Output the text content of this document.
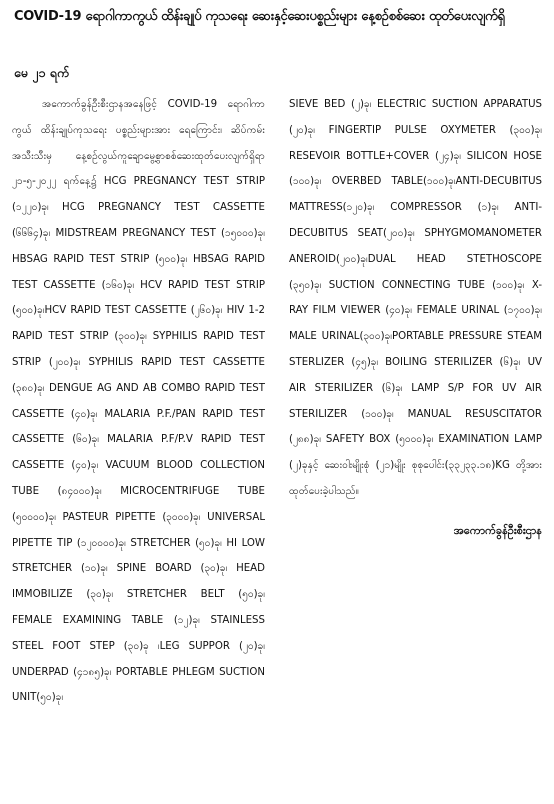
COVID-19 ရောဂါကာကွယ် ထိန်းချုပ် ကုသရေး ဆေးနှင့်ဆေးပစ္စည်းများ နေ့စဉ်စစ်ဆေး ထုတ်ပေးလျက်ရှိ
မေ ၂၁ ရက်

အကောက်ခွန်ဦးစီးဌာနအနေဖြင့် COVID-19 ရောဂါကာကွယ် ထိန်းချုပ်ကုသရေး ပစ္စည်းများအား ရေကြောင်း၊ ဆိပ်ကမ်းအသီးသီးမှ နေ့စဉ်လွယ်ကူချောမွေ့စွာစစ်ဆေးထုတ်ပေးလျက်ရှိရာ ၂၁-၅-၂၀၂၂ ရက်နေ့၌ HCG PREGNANCY TEST STRIP (၁၂၂၀)ခု၊ HCG PREGNANCY TEST CASSETTE (၆၆၆၄)ခု၊ MIDSTREAM PREGNANCY TEST (၁၅၀၀၀)ခု၊ HBSAG RAPID TEST STRIP (၅၀၀)ခု၊ HBSAG RAPID TEST CASSETTE (၁၆၀)ခု၊ HCV RAPID TEST STRIP (၅၀၀)ခု၊HCV RAPID TEST CASSETTE (၂၆၀)ခု၊ HIV 1-2 RAPID TEST STRIP (၃၀၀)ခု၊ SYPHILIS RAPID TEST STRIP (၂၀၀)ခု၊ SYPHILIS RAPID TEST CASSETTE (၃၈၀)ခု၊ DENGUE AG AND AB COMBO RAPID TEST CASSETTE (၄၀)ခု၊ MALARIA P.F./PAN RAPID TEST CASSETTE (၆၀)ခု၊ MALARIA P.F/P.V RAPID TEST CASSETTE (၄၀)ခု၊ VACUUM BLOOD COLLECTION TUBE (၈၄၀၀၀)ခု၊ MICROCENTRIFUGE TUBE (၅၀၀၀၀)ခု၊ PASTEUR PIPETTE (၃၀၀၀)ခု၊ UNIVERSAL PIPETTE TIP (၁၂၀၀၀၀)ခု၊ STRETCHER (၅၀)ခု၊ HI LOW STRETCHER (၁၀)ခု၊ SPINE BOARD (၃၀)ခု၊ HEAD IMMOBILIZE (၃၀)ခု၊ STRETCHER BELT (၅၀)ခု၊ FEMALE EXAMINING TABLE (၁၂)ခု၊ STAINLESS STEEL FOOT STEP (၃၀)ခု ၊LEG SUPPOR (၂၀)ခု၊ UNDERPAD (၄၁၈၅)ခု၊ PORTABLE PHLEGM SUCTION UNIT(၅၀)ခု၊

SIEVE BED (၂)ခု၊ ELECTRIC SUCTION APPARATUS (၂၀)ခု၊ FINGERTIP PULSE OXYMETER (၃၀၀)ခု၊ RESEVOIR BOTTLE+COVER (၂၄)ခု၊ SILICON HOSE (၁၀၀)ခု၊ OVERBED TABLE(၁၀၀)ခု၊ANTI-DECUBITUS MATTRESS(၁၂၀)ခု၊ COMPRESSOR (၁)ခု၊ ANTI-DECUBITUS SEAT(၂၀၀)ခု၊ SPHYGMOMANOMETER ANEROID(၂၀၀)ခု၊DUAL HEAD STETHOSCOPE (၃၅၀)ခု၊ SUCTION CONNECTING TUBE (၁၀၀)ခု၊ X-RAY FILM VIEWER (၄၀)ခု၊ FEMALE URINAL (၁၇၀၀)ခု၊ MALE URINAL(၃၀၀)ခု၊PORTABLE PRESSURE STEAM STERLIZER (၄၅)ခု၊ BOILING STERILIZER (၆)ခု၊ UV AIR STERILIZER (၆)ခု၊ LAMP S/P FOR UV AIR STERILIZER (၁၀၀)ခု၊ MANUAL RESUSCITATOR (၂၈၈)ခု၊ SAFETY BOX (၅၀၀၀)ခု၊ EXAMINATION LAMP (၂)ခုနှင့် ဆေးဝါးမျိုးစုံ (၂၁)မျိုး စုစုပေါင်း(၃၃၂၃၃.၁၈)KG တို့အား ထုတ်ပေးခဲ့ပါသည်။

အကောက်ခွန်ဦးစီးဌာန
